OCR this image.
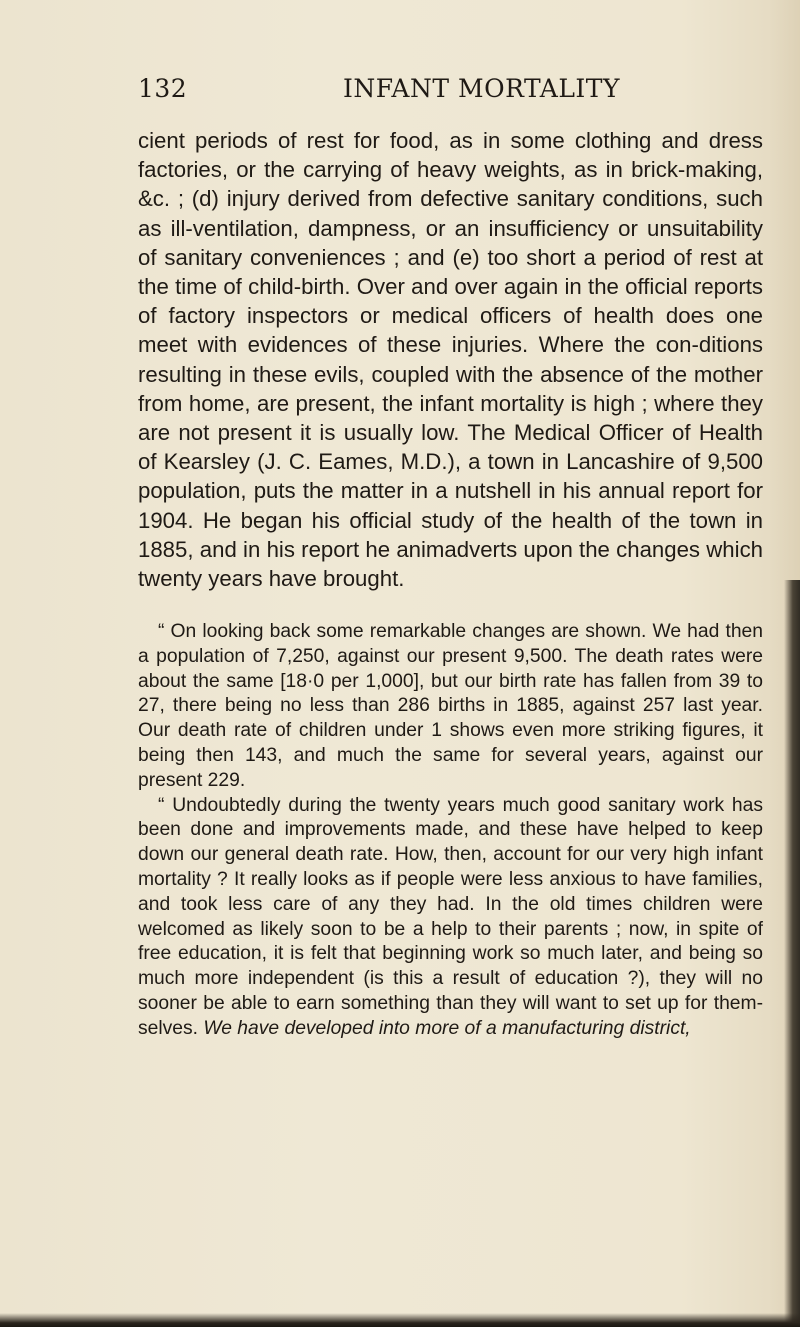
132	INFANT MORTALITY

cient periods of rest for food, as in some clothing and dress factories, or the carrying of heavy weights, as in brick-making, &c. ; (d) injury derived from defective sanitary conditions, such as ill-ventilation, dampness, or an insufficiency or unsuitability of sanitary conveniences ; and (e) too short a period of rest at the time of child-birth. Over and over again in the official reports of factory inspectors or medical officers of health does one meet with evidences of these injuries. Where the con-ditions resulting in these evils, coupled with the absence of the mother from home, are present, the infant mortality is high ; where they are not present it is usually low. The Medical Officer of Health of Kearsley (J. C. Eames, M.D.), a town in Lancashire of 9,500 population, puts the matter in a nutshell in his annual report for 1904. He began his official study of the health of the town in 1885, and in his report he animadverts upon the changes which twenty years have brought.

“ On looking back some remarkable changes are shown. We had then a population of 7,250, against our present 9,500. The death rates were about the same [18·0 per 1,000], but our birth rate has fallen from 39 to 27, there being no less than 286 births in 1885, against 257 last year. Our death rate of children under 1 shows even more striking figures, it being then 143, and much the same for several years, against our present 229.

“ Undoubtedly during the twenty years much good sanitary work has been done and improvements made, and these have helped to keep down our general death rate. How, then, account for our very high infant mortality ? It really looks as if people were less anxious to have families, and took less care of any they had. In the old times children were welcomed as likely soon to be a help to their parents ; now, in spite of free education, it is felt that beginning work so much later, and being so much more independent (is this a result of education ?), they will no sooner be able to earn something than they will want to set up for them-selves. We have developed into more of a manufacturing district,
